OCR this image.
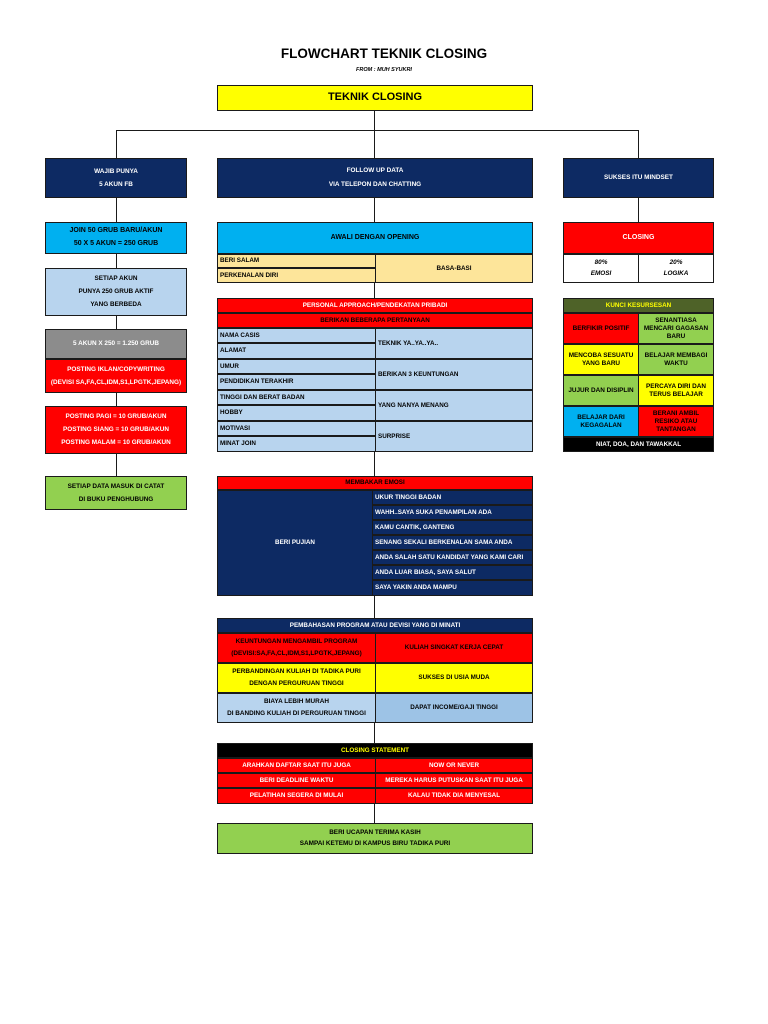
FLOWCHART TEKNIK CLOSING
FROM : MUH SYUKRI
TEKNIK CLOSING
WAJIB PUNYA
5 AKUN FB
JOIN 50 GRUB BARU/AKUN
50 X 5 AKUN = 250 GRUB
SETIAP AKUN
PUNYA 250 GRUB AKTIF
YANG BERBEDA
5 AKUN X 250 = 1.250 GRUB
POSTING IKLAN/COPYWRITING
(DEVISI SA,FA,CL,IDM,S1,LPGTK,JEPANG)
POSTING PAGI = 10 GRUB/AKUN
POSTING SIANG = 10 GRUB/AKUN
POSTING MALAM = 10 GRUB/AKUN
SETIAP DATA MASUK DI CATAT
DI BUKU PENGHUBUNG
FOLLOW UP DATA
VIA TELEPON DAN CHATTING
AWALI DENGAN OPENING
BERI SALAM
PERKENALAN DIRI
BASA-BASI
PERSONAL APPROACH/PENDEKATAN PRIBADI
BERIKAN BEBERAPA PERTANYAAN
NAMA CASIS
ALAMAT
UMUR
PENDIDIKAN TERAKHIR
TINGGI DAN BERAT BADAN
HOBBY
MOTIVASI
MINAT JOIN
TEKNIK YA..YA..YA..
BERIKAN 3 KEUNTUNGAN
YANG NANYA MENANG
SURPRISE
MEMBAKAR EMOSI
BERI PUJIAN
UKUR TINGGI BADAN
WAHH..SAYA SUKA PENAMPILAN ADA
KAMU CANTIK, GANTENG
SENANG SEKALI BERKENALAN SAMA ANDA
ANDA SALAH SATU KANDIDAT YANG KAMI CARI
ANDA LUAR BIASA, SAYA SALUT
SAYA YAKIN ANDA MAMPU
PEMBAHASAN PROGRAM ATAU DEVISI YANG DI MINATI
KEUNTUNGAN MENGAMBIL PROGRAM
(DEVISI:SA,FA,CL,IDM,S1,LPGTK,JEPANG)
KULIAH SINGKAT KERJA CEPAT
PERBANDINGAN KULIAH DI TADIKA PURI
DENGAN PERGURUAN TINGGI
SUKSES DI USIA MUDA
BIAYA LEBIH MURAH
DI BANDING KULIAH DI PERGURUAN TINGGI
DAPAT INCOME/GAJI TINGGI
CLOSING STATEMENT
ARAHKAN DAFTAR SAAT ITU JUGA
BERI DEADLINE WAKTU
PELATIHAN SEGERA DI MULAI
NOW OR NEVER
MEREKA HARUS PUTUSKAN SAAT ITU JUGA
KALAU TIDAK DIA MENYESAL
BERI UCAPAN TERIMA KASIH
SAMPAI KETEMU DI KAMPUS BIRU TADIKA PURI
SUKSES ITU MINDSET
CLOSING
80%
EMOSI
20%
LOGIKA
KUNCI KESURSESAN
BERFIKIR POSITIF
SENANTIASA MENCARI GAGASAN BARU
MENCOBA SESUATU YANG BARU
BELAJAR MEMBAGI WAKTU
JUJUR DAN DISIPLIN
PERCAYA DIRI DAN TERUS BELAJAR
BELAJAR DARI KEGAGALAN
BERANI AMBIL RESIKO ATAU TANTANGAN
NIAT, DOA, DAN TAWAKKAL
